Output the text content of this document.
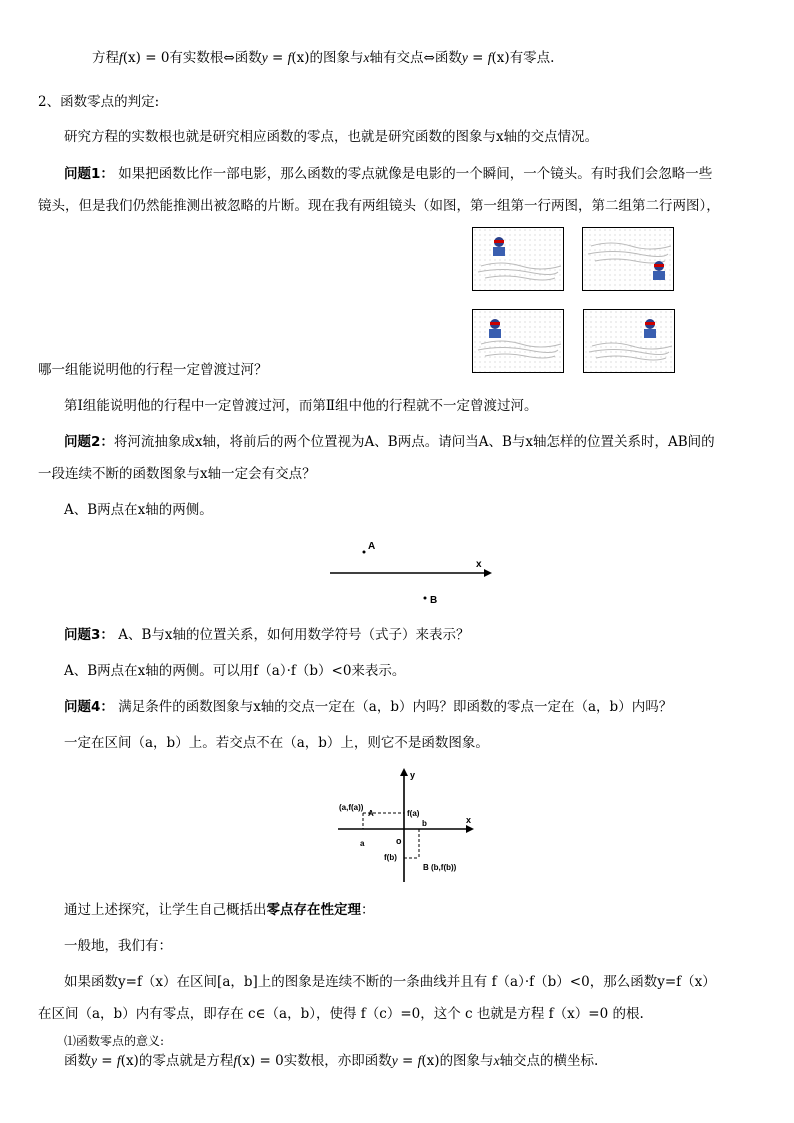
方程f(x) = 0有实数根⇔函数y = f(x)的图象与x轴有交点⇔函数y = f(x)有零点.
2、函数零点的判定:
研究方程的实数根也就是研究相应函数的零点，也就是研究函数的图象与x轴的交点情况。
问题1： 如果把函数比作一部电影，那么函数的零点就像是电影的一个瞬间，一个镜头。有时我们会忽略一些
镜头，但是我们仍然能推测出被忽略的片断。现在我有两组镜头（如图，第一组第一行两图，第二组第二行两图），
哪一组能说明他的行程一定曾渡过河？
第Ⅰ组能说明他的行程中一定曾渡过河，而第Ⅱ组中他的行程就不一定曾渡过河。
问题2：将河流抽象成x轴，将前后的两个位置视为A、B两点。请问当A、B与x轴怎样的位置关系时，AB间的
一段连续不断的函数图象与x轴一定会有交点？
A、B两点在x轴的两侧。
x
A
B
问题3： A、B与x轴的位置关系，如何用数学符号（式子）来表示？
A、B两点在x轴的两侧。可以用f（a）·f（b）<0来表示。
问题4： 满足条件的函数图象与x轴的交点一定在（a，b）内吗？即函数的零点一定在（a，b）内吗？
一定在区间（a，b）上。若交点不在（a，b）上，则它不是函数图象。
y
x
o
(a,f(a))
A	f(a)
a
b
f(b)
B (b,f(b))
通过上述探究，让学生自己概括出零点存在性定理：
一般地，我们有：
如果函数y=f（x）在区间[a，b]上的图象是连续不断的一条曲线并且有 f（a）·f（b）<0，那么函数y=f（x）
在区间（a，b）内有零点，即存在 c∈（a，b），使得 f（c）=0，这个 c 也就是方程 f（x）=0 的根.
⑴函数零点的意义:
函数y = f(x)的零点就是方程f(x) = 0实数根，亦即函数y = f(x)的图象与x轴交点的横坐标.
